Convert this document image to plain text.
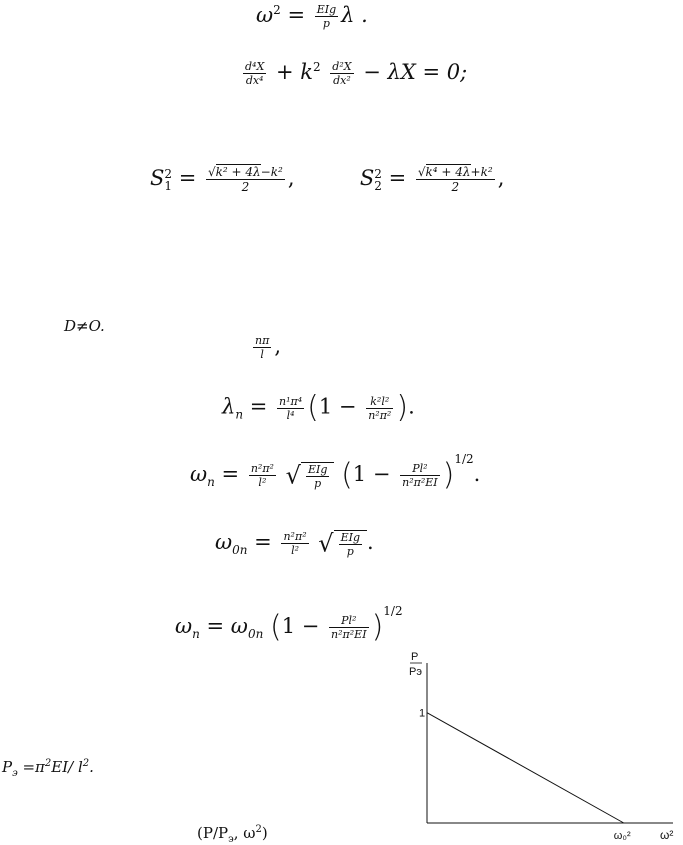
$\omega^2 = \frac{\text{EIg}}{p}$ λ .
$\frac{\text{d⁴X}}{\text{dx⁴}} + k^2 \frac{\text{d²X}}{\text{dx²}} - \lambda X = 0$;
S 2
$1 = \frac{\text{√k² + 4λ−k²}}{2}$ ,	S 2
$2 = \frac{\text{√k⁴ + 4λ+k²}}{2}$ ,
D≠O.
$\frac{n\pi}{l}$ ,
$\lambda_n = \frac{\text{n¹π⁴}}{\text{l⁴}} (1 - \frac{\text{k²l²}}{\text{n²π²}}$ ).
$\omega_n = \frac{\text{n²π²}}{\text{l²}}$ √ $\frac{\text{EIg}}{p} (1 - \frac{\text{Pl²}}{\text{n²π²EI}} )^{1/2}$.
$\omega_{0n} = \frac{\text{n²π²}}{\text{l²}}$ √ $\frac{\text{EIg}}{p}$ .
$\omega_n = \omega_{0n}$ $(1 - \frac{\text{Pl²}}{\text{n²π²EI}} )^{1/2}$
$P_э =\pi^2EI/$ $l^2$.
($P/P_э$, $\omega^2$)
P
Pэ
1
ω₀² ω²
